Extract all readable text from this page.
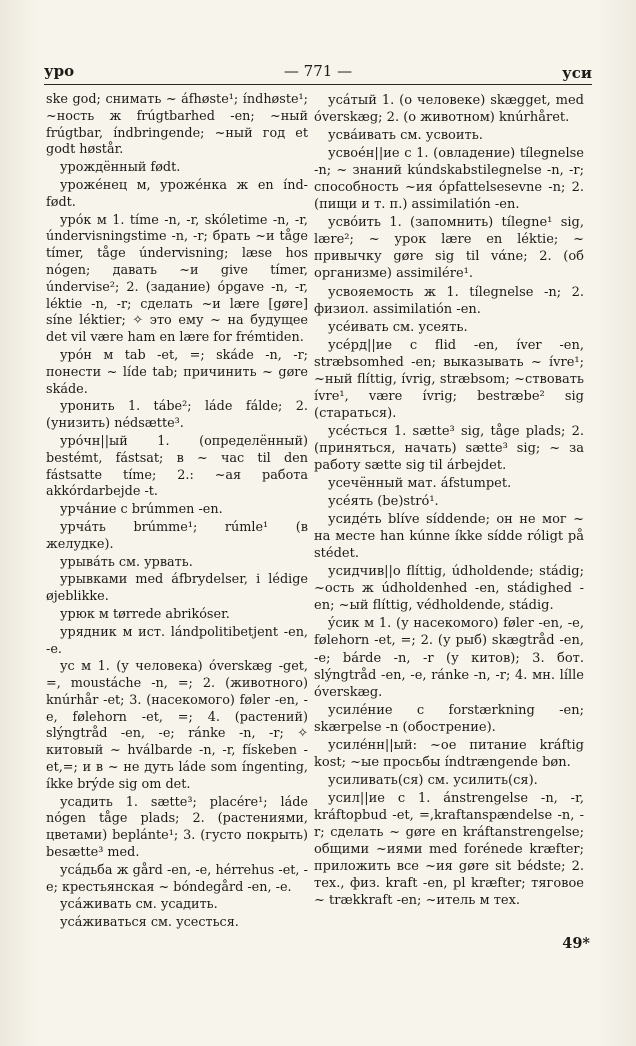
уро	— 771 —	уси

ske god; снимать ~ áfhøste¹; índhøste¹; ~ность ж frúgtbarhed -en; ~ный frúgtbar, índbringende; ~ный год et godt høstår.

урождённый født.

урожéнец м, урожéнка ж en índ-født.

урóк м 1. tíme -n, -r, skóletime -n, -r, úndervisningstime -n, -r; брать ~и tåge tímer, tåge úndervisning; læse hos nógen; давать ~и give tímer, úndervise²; 2. (задание) ópgave -n, -r, léktie -n, -r; сделать ~и lære [gøre] síne léktier; ✧ это ему ~ на будущее det vil være ham en lære for frémtiden.

урóн м tab -et, =; skáde -n, -r; понести ~ líde tab; причинить ~ gøre skáde.

уронить 1. tábe²; láde fálde; 2. (унизить) nédsætte³.

урóчн||ый 1. (определённый) bestémt, fástsat; в ~ час til den fástsatte tíme; 2.: ~ая работа akkórdarbejde -t.

урчáние с brúmmen -en.

урчáть brúmme¹; rúmle¹ (в желудке).

урывáть см. урвать.

урывками med áfbrydelser, i lédige øjeblikke.

урюк м tørrede abrikóser.

урядник м ист. lándpolitibetjent -en, -e.

ус м 1. (у человека) óverskæg -get, =, moustáche -n, =; 2. (животного) knúrhår -et; 3. (насекомого) føler -en, -e, følehorn -et, =; 4. (растений) slýngtråd -en, -e; ránke -n, -r; ✧ китовый ~ hválbarde -n, -r, fískeben -et,=; и в ~ не дуть láde som íngenting, íkke brýde sig om det.

усадить 1. sætte³; placére¹; láde nógen tåge plads; 2. (растениями, цветами) beplánte¹; 3. (густо покрыть) besætte³ med.

усáдьба ж gård -en, -e, hérrehus -et, -e; крестьянская ~ bóndegård -en, -e.

усáживать см. усадить.

усáживаться см. усесться.

усáтый 1. (о человеке) skægget, med óverskæg; 2. (о животном) knúrhåret.

усвáивать см. усвоить.

усвоéн||ие с 1. (овладение) tílegnelse -n; ~ знаний kúndskabstilegnelse -n, -r; способность ~ия ópfattelsesevne -n; 2. (пищи и т. п.) assimilatión -en.

усвóить 1. (запомнить) tílegne¹ sig, lære²; ~ урок lære en léktie; ~ привычку gøre sig til vάne; 2. (об организме) assimilére¹.

усвояемость ж 1. tílegnelse -n; 2. физиол. assimilatión -en.

усéивать см. усеять.

усéрд||ие с flid -en, íver -en, stræbsomhed -en; выказывать ~ ívre¹; ~ный flíttig, ívrig, stræbsom; ~ствовать ívre¹, være ívrig; bestræbe² sig (стараться).

усéсться 1. sætte³ sig, tåge plads; 2. (приняться, начать) sætte³ sig; ~ за работу sætte sig til árbejdet.

усечённый мат. áfstumpet.

усéять (be)stró¹.

усидéть blíve síddende; он не мог ~ на месте han kúnne íkke sídde róligt på stédet.

усидчив||о flíttig, údholdende; stádig; ~ость ж údholdenhed -en, stádighed -en; ~ый flíttig, védholdende, stádig.

ýсик м 1. (у насекомого) føler -en, -e, følehorn -et, =; 2. (у рыб) skægtråd -en, -e; bárde -n, -r (у китов); 3. бот. slýngtråd -en, -e, ránke -n, -r; 4. мн. lílle óverskæg.

усилéние с forstærkning -en; skærpelse -n (обострение).

усилéнн||ый: ~ое питание kráftig kost; ~ые просьбы índtrængende bøn.

усиливать(ся) см. усилить(ся).

усил||ие с 1. ánstrengelse -n, -r, kráftopbud -et, =,kraftanspændelse -n, -r; сделать ~ gøre en kráftanstrengelse; общими ~иями med forénede kræfter; приложить все ~ия gøre sit bédste; 2. тех., физ. kraft -en, pl kræfter; тяговое ~ trækkraft -en; ~итель м тех.

49*
